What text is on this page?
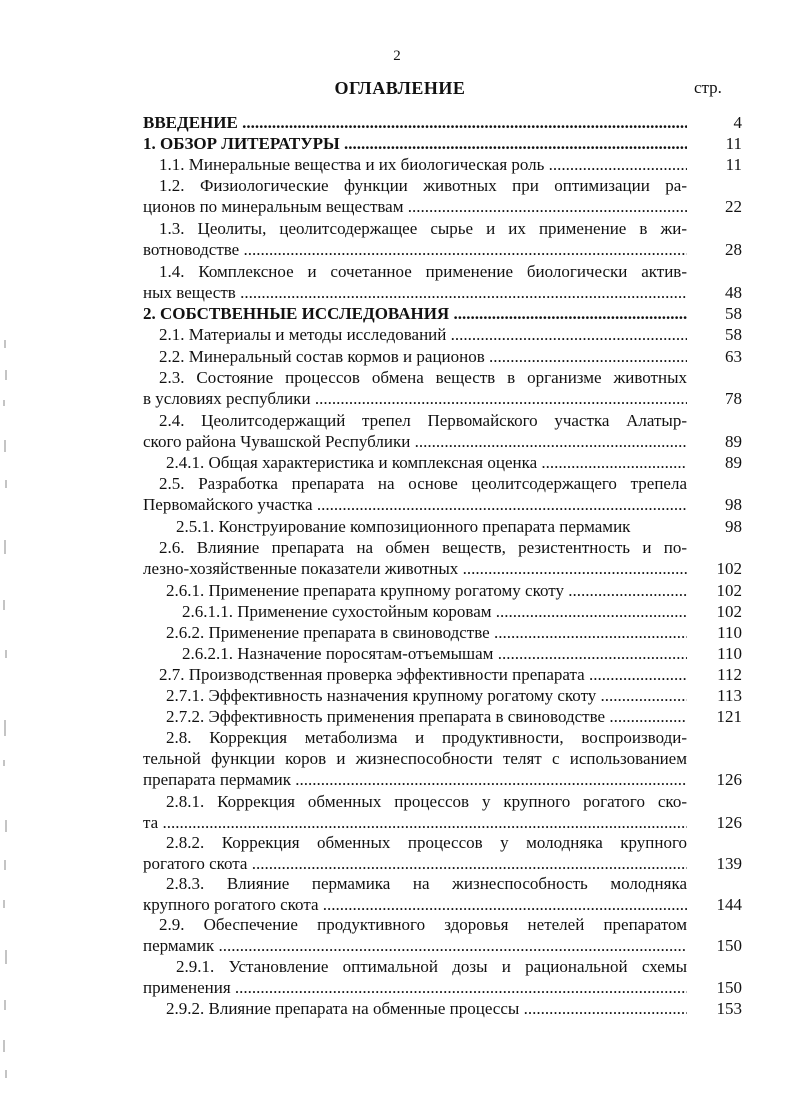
2
ОГЛАВЛЕНИЕ	стр.
ВВЕДЕНИЕ .....	4
1. ОБЗОР ЛИТЕРАТУРЫ .....	11
1.1. Минеральные вещества и их биологическая роль .....	11
1.2. Физиологические функции животных при оптимизации ра-
ционов по минеральным веществам .....	22
1.3. Цеолиты, цеолитсодержащее сырье и их применение в жи-
вотноводстве .....	28
1.4. Комплексное и сочетанное применение биологически актив-
ных веществ .....	48
2. СОБСТВЕННЫЕ ИССЛЕДОВАНИЯ .....	58
2.1. Материалы и методы исследований .....	58
2.2. Минеральный состав кормов и рационов .....	63
2.3. Состояние процессов обмена веществ в организме животных
в условиях республики .....	78
2.4. Цеолитсодержащий трепел Первомайского участка Алатыр-
ского района Чувашской Республики .....	89
2.4.1. Общая характеристика и комплексная оценка .....	89
2.5. Разработка препарата на основе цеолитсодержащего трепела
Первомайского участка .....	98
2.5.1. Конструирование композиционного препарата пермамик	98
2.6. Влияние препарата на обмен веществ, резистентность и по-
лезно-хозяйственные показатели животных .....	102
2.6.1. Применение препарата крупному рогатому скоту .....	102
2.6.1.1. Применение сухостойным коровам .....	102
2.6.2. Применение препарата в свиноводстве .....	110
2.6.2.1. Назначение поросятам-отъемышам .....	110
2.7. Производственная проверка эффективности препарата .....	112
2.7.1. Эффективность назначения крупному рогатому скоту .....	113
2.7.2. Эффективность применения препарата в свиноводстве .....	121
2.8. Коррекция метаболизма и продуктивности, воспроизводи-
тельной функции коров и жизнеспособности телят с использованием
препарата пермамик .....	126
2.8.1. Коррекция обменных процессов у крупного рогатого ско-
та .....	126
2.8.2. Коррекция обменных процессов у молодняка крупного
рогатого скота .....	139
2.8.3. Влияние пермамика на жизнеспособность молодняка
крупного рогатого скота .....	144
2.9. Обеспечение продуктивного здоровья нетелей препаратом
пермамик .....	150
2.9.1. Установление оптимальной дозы и рациональной схемы
применения .....	150
2.9.2. Влияние препарата на обменные процессы .....	153
